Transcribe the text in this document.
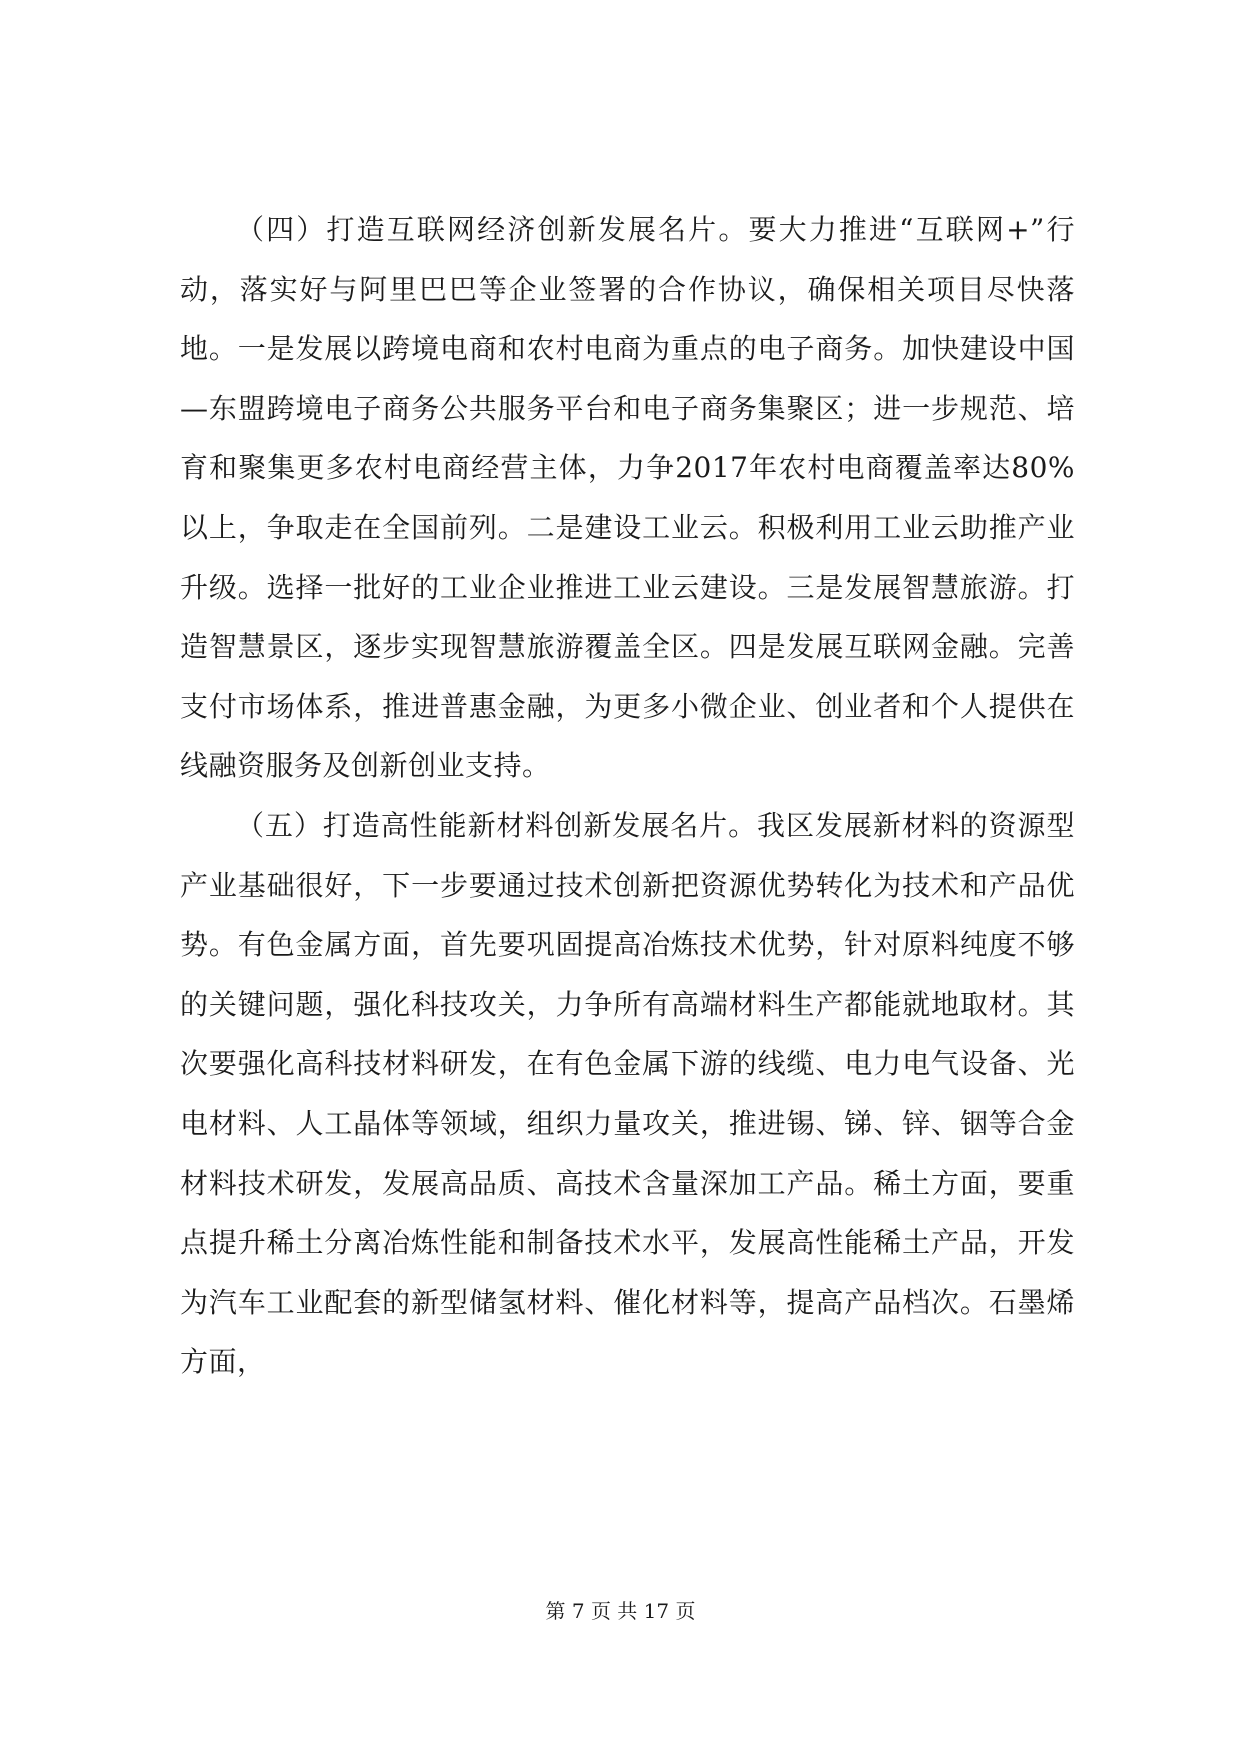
（四）打造互联网经济创新发展名片。要大力推进“互联网+”行动，落实好与阿里巴巴等企业签署的合作协议，确保相关项目尽快落地。一是发展以跨境电商和农村电商为重点的电子商务。加快建设中国—东盟跨境电子商务公共服务平台和电子商务集聚区；进一步规范、培育和聚集更多农村电商经营主体，力争2017年农村电商覆盖率达80%以上，争取走在全国前列。二是建设工业云。积极利用工业云助推产业升级。选择一批好的工业企业推进工业云建设。三是发展智慧旅游。打造智慧景区，逐步实现智慧旅游覆盖全区。四是发展互联网金融。完善支付市场体系，推进普惠金融，为更多小微企业、创业者和个人提供在线融资服务及创新创业支持。

（五）打造高性能新材料创新发展名片。我区发展新材料的资源型产业基础很好，下一步要通过技术创新把资源优势转化为技术和产品优势。有色金属方面，首先要巩固提高冶炼技术优势，针对原料纯度不够的关键问题，强化科技攻关，力争所有高端材料生产都能就地取材。其次要强化高科技材料研发，在有色金属下游的线缆、电力电气设备、光电材料、人工晶体等领域，组织力量攻关，推进锡、锑、锌、铟等合金材料技术研发，发展高品质、高技术含量深加工产品。稀土方面，要重点提升稀土分离冶炼性能和制备技术水平，发展高性能稀土产品，开发为汽车工业配套的新型储氢材料、催化材料等，提高产品档次。石墨烯方面，

第 7 页 共 17 页
